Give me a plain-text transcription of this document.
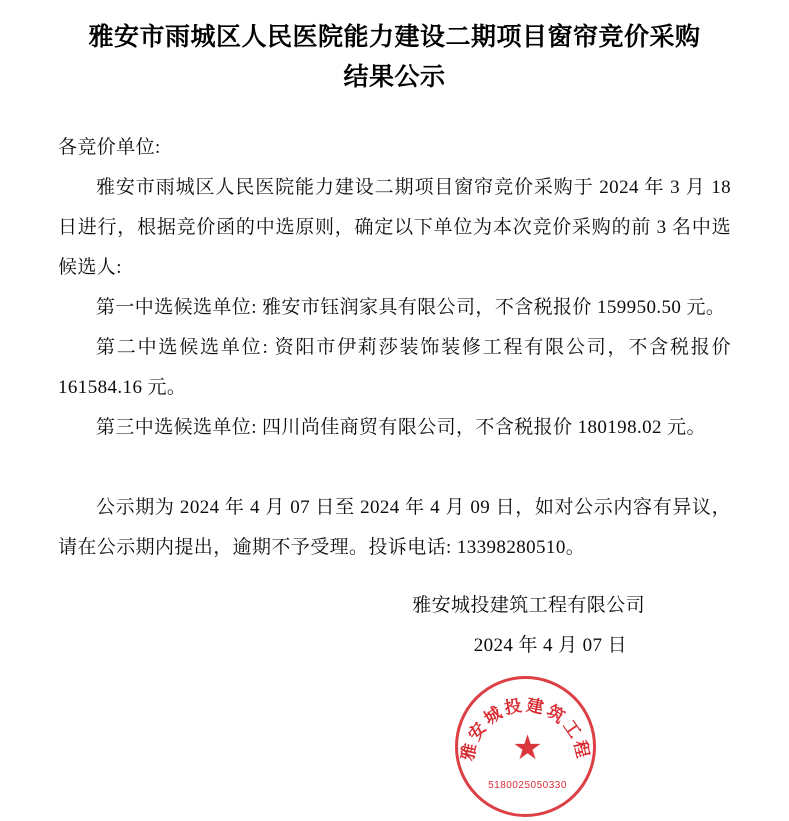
雅安市雨城区人民医院能力建设二期项目窗帘竞价采购结果公示

各竞价单位:

雅安市雨城区人民医院能力建设二期项目窗帘竞价采购于 2024 年 3 月 18 日进行，根据竞价函的中选原则，确定以下单位为本次竞价采购的前 3 名中选候选人:

第一中选候选单位: 雅安市钰润家具有限公司，不含税报价 159950.50 元。

第二中选候选单位: 资阳市伊莉莎装饰装修工程有限公司，不含税报价 161584.16 元。

第三中选候选单位: 四川尚佳商贸有限公司，不含税报价 180198.02 元。

公示期为 2024 年 4 月 07 日至 2024 年 4 月 09 日，如对公示内容有异议，请在公示期内提出，逾期不予受理。投诉电话: 13398280510。

雅安城投建筑工程有限公司
2024 年 4 月 07 日
雅安城投建筑工程
★
5180025050330
